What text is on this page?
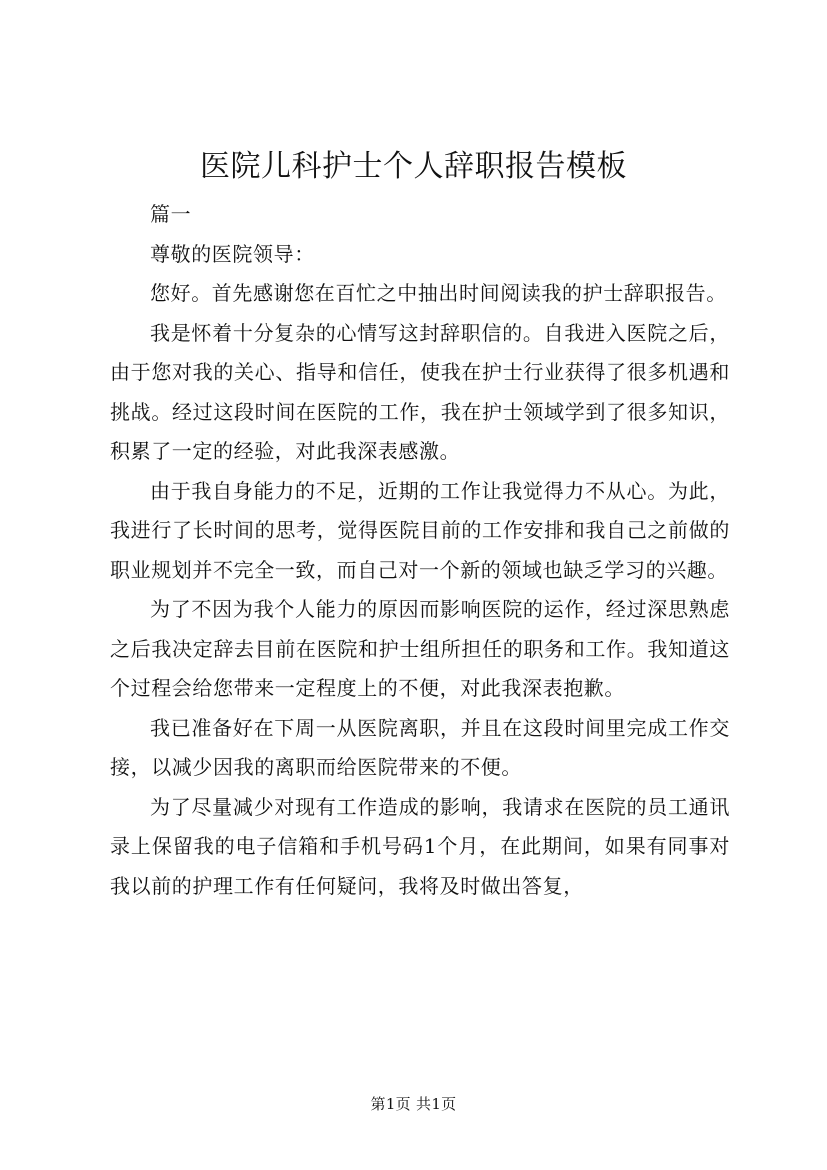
医院儿科护士个人辞职报告模板

篇一

尊敬的医院领导：

您好。首先感谢您在百忙之中抽出时间阅读我的护士辞职报告。

我是怀着十分复杂的心情写这封辞职信的。自我进入医院之后，由于您对我的关心、指导和信任，使我在护士行业获得了很多机遇和挑战。经过这段时间在医院的工作，我在护士领域学到了很多知识，积累了一定的经验，对此我深表感激。

由于我自身能力的不足，近期的工作让我觉得力不从心。为此，我进行了长时间的思考，觉得医院目前的工作安排和我自己之前做的职业规划并不完全一致，而自己对一个新的领域也缺乏学习的兴趣。

为了不因为我个人能力的原因而影响医院的运作，经过深思熟虑之后我决定辞去目前在医院和护士组所担任的职务和工作。我知道这个过程会给您带来一定程度上的不便，对此我深表抱歉。

我已准备好在下周一从医院离职，并且在这段时间里完成工作交接，以减少因我的离职而给医院带来的不便。

为了尽量减少对现有工作造成的影响，我请求在医院的员工通讯录上保留我的电子信箱和手机号码1个月，在此期间，如果有同事对我以前的护理工作有任何疑问，我将及时做出答复，

第1页 共1页
